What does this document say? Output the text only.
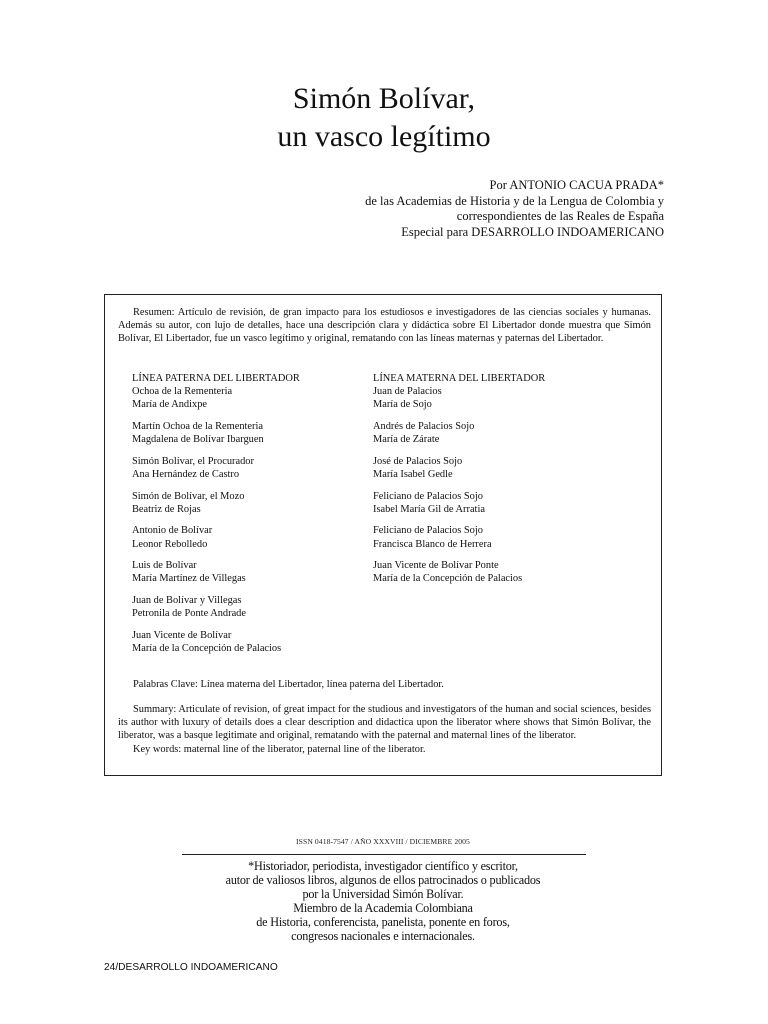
Simón Bolívar,
un vasco legítimo
Por ANTONIO CACUA PRADA*
de las Academias de Historia y de la Lengua de Colombia y
correspondientes de las Reales de España
Especial para DESARROLLO INDOAMERICANO
Resumen: Artículo de revisión, de gran impacto para los estudiosos e investigadores de las ciencias sociales y humanas. Además su autor, con lujo de detalles, hace una descripción clara y didáctica sobre El Libertador donde muestra que Simón Bolívar, El Libertador, fue un vasco legítimo y original, rematando con las líneas maternas y paternas del Libertador.
LÍNEA PATERNA DEL LIBERTADOR
Ochoa de la Rementeria
María de Andixpe
Martín Ochoa de la Rementeria
Magdalena de Bolívar Ibarguen
Simón Bolívar, el Procurador
Ana Hernández de Castro
Simón de Bolívar, el Mozo
Beatriz de Rojas
Antonio de Bolívar
Leonor Rebolledo
Luis de Bolívar
María Martínez de Villegas
Juan de Bolívar y Villegas
Petronila de Ponte Andrade
Juan Vicente de Bolívar
María de la Concepción de Palacios
LÍNEA MATERNA DEL LIBERTADOR
Juan de Palacios
María de Sojo
Andrés de Palacios Sojo
María de Zárate
José de Palacios Sojo
María Isabel Gedle
Feliciano de Palacios Sojo
Isabel María Gil de Arratia
Feliciano de Palacios Sojo
Francisca Blanco de Herrera
Juan Vicente de Bolívar Ponte
María de la Concepción de Palacios
Palabras Clave: Línea materna del Libertador, línea paterna del Libertador.
Summary: Articulate of revision, of great impact for the studious and investigators of the human and social sciences, besides its author with luxury of details does a clear description and didactica upon the liberator where shows that Simón Bolívar, the liberator, was a basque legitimate and original, rematando with the paternal and maternal lines of the liberator.
Key words: maternal line of the liberator, paternal line of the liberator.
ISSN 0418-7547 / AÑO XXXVIII / DICIEMBRE 2005
*Historiador, periodista, investigador científico y escritor,
autor de valiosos libros, algunos de ellos patrocinados o publicados
por la Universidad Simón Bolívar.
Miembro de la Academia Colombiana
de Historia, conferencista, panelista, ponente en foros,
congresos nacionales e internacionales.
24/DESARROLLO INDOAMERICANO
